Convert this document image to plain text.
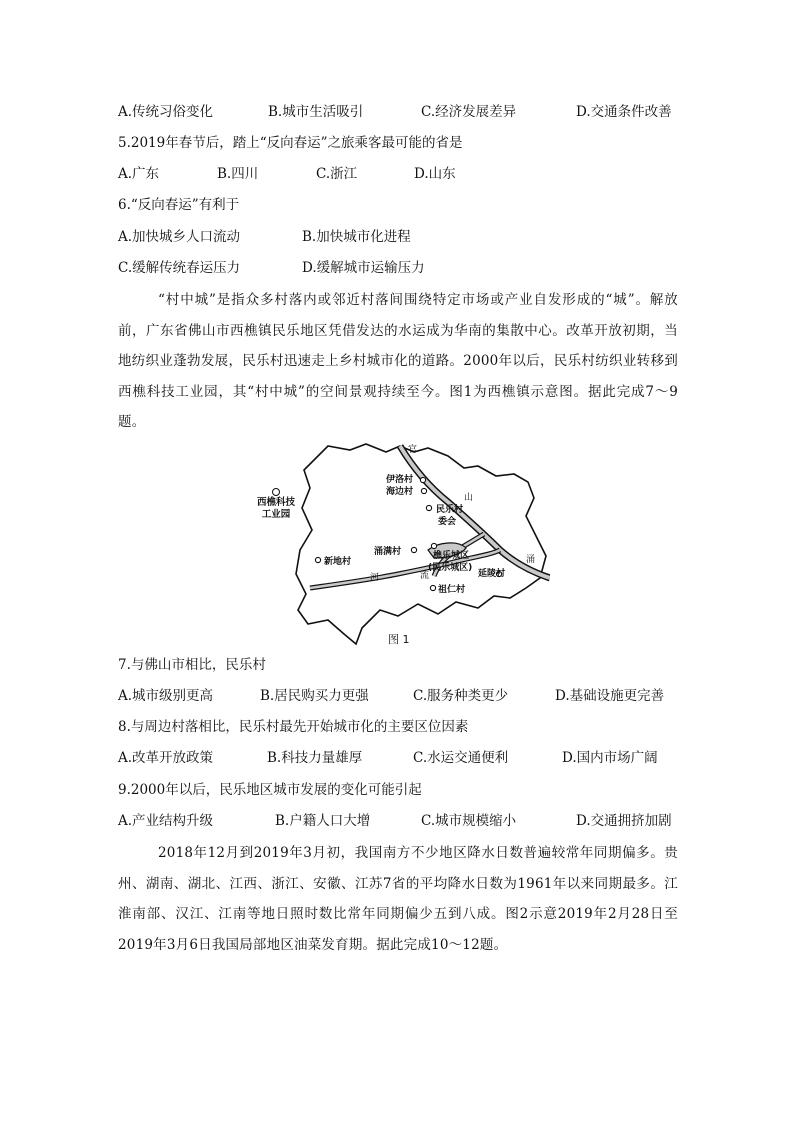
A.传统习俗变化	B.城市生活吸引	C.经济发展差异	D.交通条件改善
5.2019年春节后，踏上“反向春运”之旅乘客最可能的省是
A.广东	B.四川	C.浙江	D.山东
6.“反向春运”有利于
A.加快城乡人口流动	B.加快城市化进程
C.缓解传统春运压力	D.缓解城市运输压力
“村中城”是指众多村落内或邻近村落间围绕特定市场或产业自发形成的“城”。解放前，广东省佛山市西樵镇民乐地区凭借发达的水运成为华南的集散中心。改革开放初期，当地纺织业蓬勃发展，民乐村迅速走上乡村城市化的道路。2000年以后，民乐村纺织业转移到西樵科技工业园，其“村中城”的空间景观持续至今。图1为西樵镇示意图。据此完成7～9题。
伊洛村
海边村
民乐村
委会
涌满村
新地村
樵乐城区
(民乐城区)
延陵村
祖仁村
官
山
涌
河	流
图 1
西樵科技
工业园
7.与佛山市相比，民乐村
A.城市级别更高	B.居民购买力更强	C.服务种类更少	D.基础设施更完善
8.与周边村落相比，民乐村最先开始城市化的主要区位因素
A.改革开放政策	B.科技力量雄厚	C.水运交通便利	D.国内市场广阔
9.2000年以后，民乐地区城市发展的变化可能引起
A.产业结构升级	B.户籍人口大增	C.城市规模缩小	D.交通拥挤加剧
2018年12月到2019年3月初，我国南方不少地区降水日数普遍较常年同期偏多。贵州、湖南、湖北、江西、浙江、安徽、江苏7省的平均降水日数为1961年以来同期最多。江淮南部、汉江、江南等地日照时数比常年同期偏少五到八成。图2示意2019年2月28日至2019年3月6日我国局部地区油菜发育期。据此完成10～12题。
